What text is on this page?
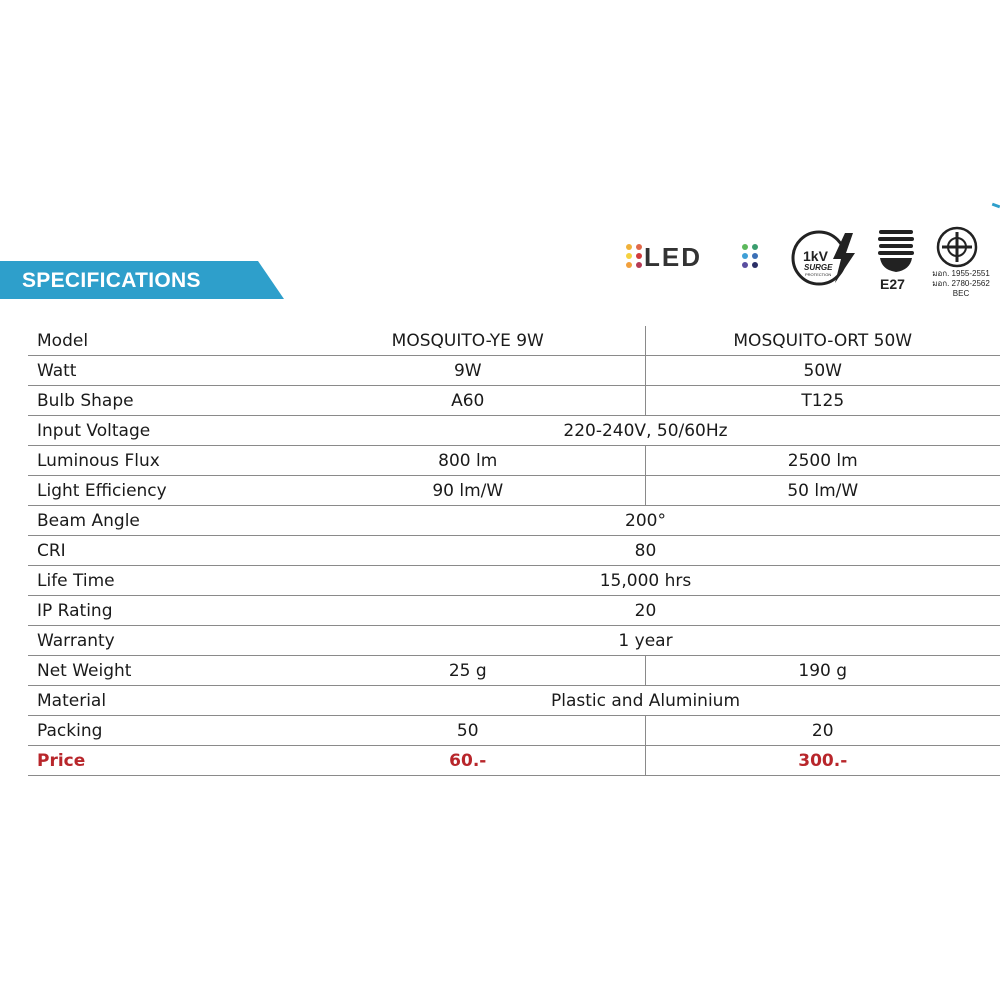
SPECIFICATIONS
LED	1kV
SURGE
PROTECTION
E27
มอก. 1955-2551
มอก. 2780-2562
BEC
Model	MOSQUITO-YE 9W	MOSQUITO-ORT 50W
Watt	9W	50W
Bulb Shape	A60	T125
Input Voltage	220-240V, 50/60Hz	
Luminous Flux	800 lm	2500 lm
Light Efficiency	90 lm/W	50 lm/W
Beam Angle	200°	
CRI	80	
Life Time	15,000 hrs	
IP Rating	20	
Warranty	1 year	
Net Weight	25 g	190 g
Material	Plastic and Aluminium	
Packing	50	20
Price	60.-	300.-
